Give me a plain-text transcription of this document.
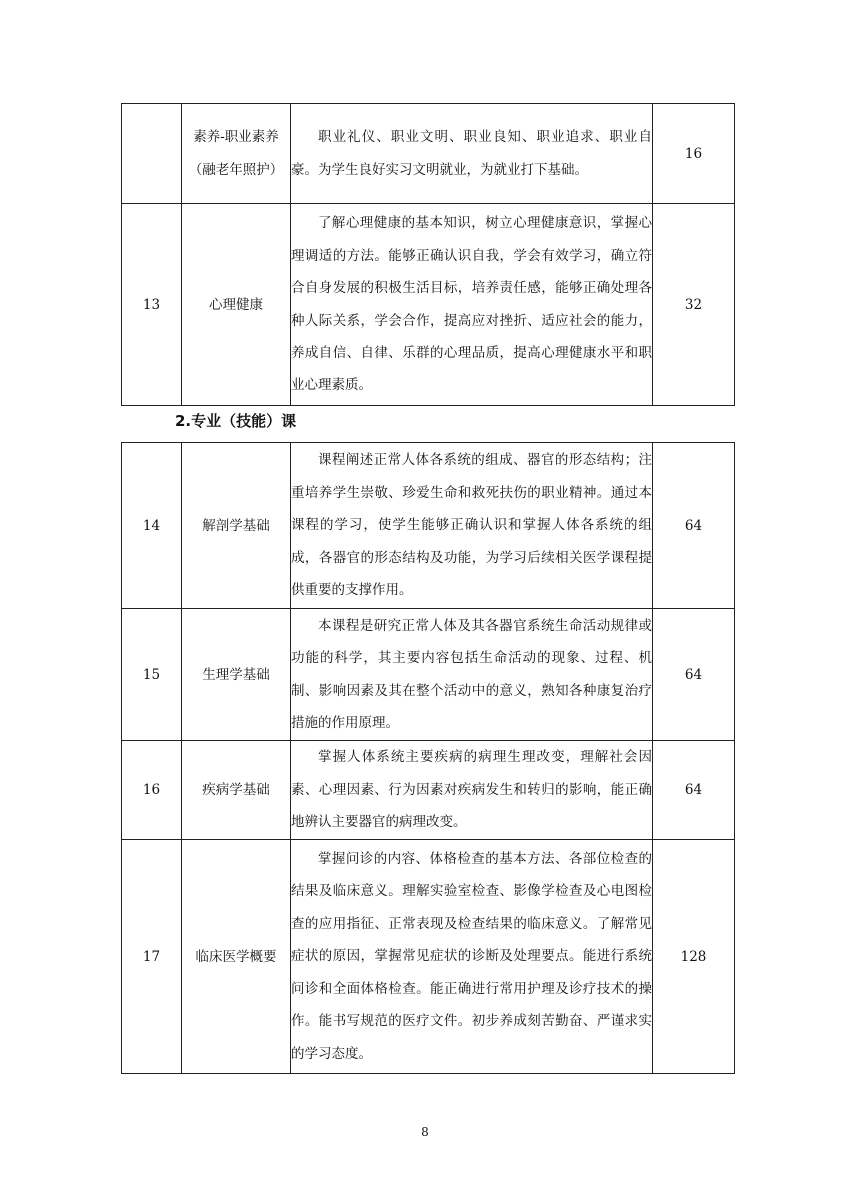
	素养-职业素养（融老年照护）	职业礼仪、职业文明、职业良知、职业追求、职业自豪。为学生良好实习文明就业，为就业打下基础。	16
13	心理健康	了解心理健康的基本知识，树立心理健康意识，掌握心理调适的方法。能够正确认识自我，学会有效学习，确立符合自身发展的积极生活目标，培养责任感，能够正确处理各种人际关系，学会合作，提高应对挫折、适应社会的能力，养成自信、自律、乐群的心理品质，提高心理健康水平和职业心理素质。	32
2.专业（技能）课
14	解剖学基础	课程阐述正常人体各系统的组成、器官的形态结构；注重培养学生崇敬、珍爱生命和救死扶伤的职业精神。通过本课程的学习，使学生能够正确认识和掌握人体各系统的组成，各器官的形态结构及功能，为学习后续相关医学课程提供重要的支撑作用。	64
15	生理学基础	本课程是研究正常人体及其各器官系统生命活动规律或功能的科学，其主要内容包括生命活动的现象、过程、机制、影响因素及其在整个活动中的意义，熟知各种康复治疗措施的作用原理。	64
16	疾病学基础	掌握人体系统主要疾病的病理生理改变，理解社会因素、心理因素、行为因素对疾病发生和转归的影响，能正确地辨认主要器官的病理改变。	64
17	临床医学概要	掌握问诊的内容、体格检查的基本方法、各部位检查的结果及临床意义。理解实验室检查、影像学检查及心电图检查的应用指征、正常表现及检查结果的临床意义。了解常见症状的原因，掌握常见症状的诊断及处理要点。能进行系统问诊和全面体格检查。能正确进行常用护理及诊疗技术的操作。能书写规范的医疗文件。初步养成刻苦勤奋、严谨求实的学习态度。	128
8
